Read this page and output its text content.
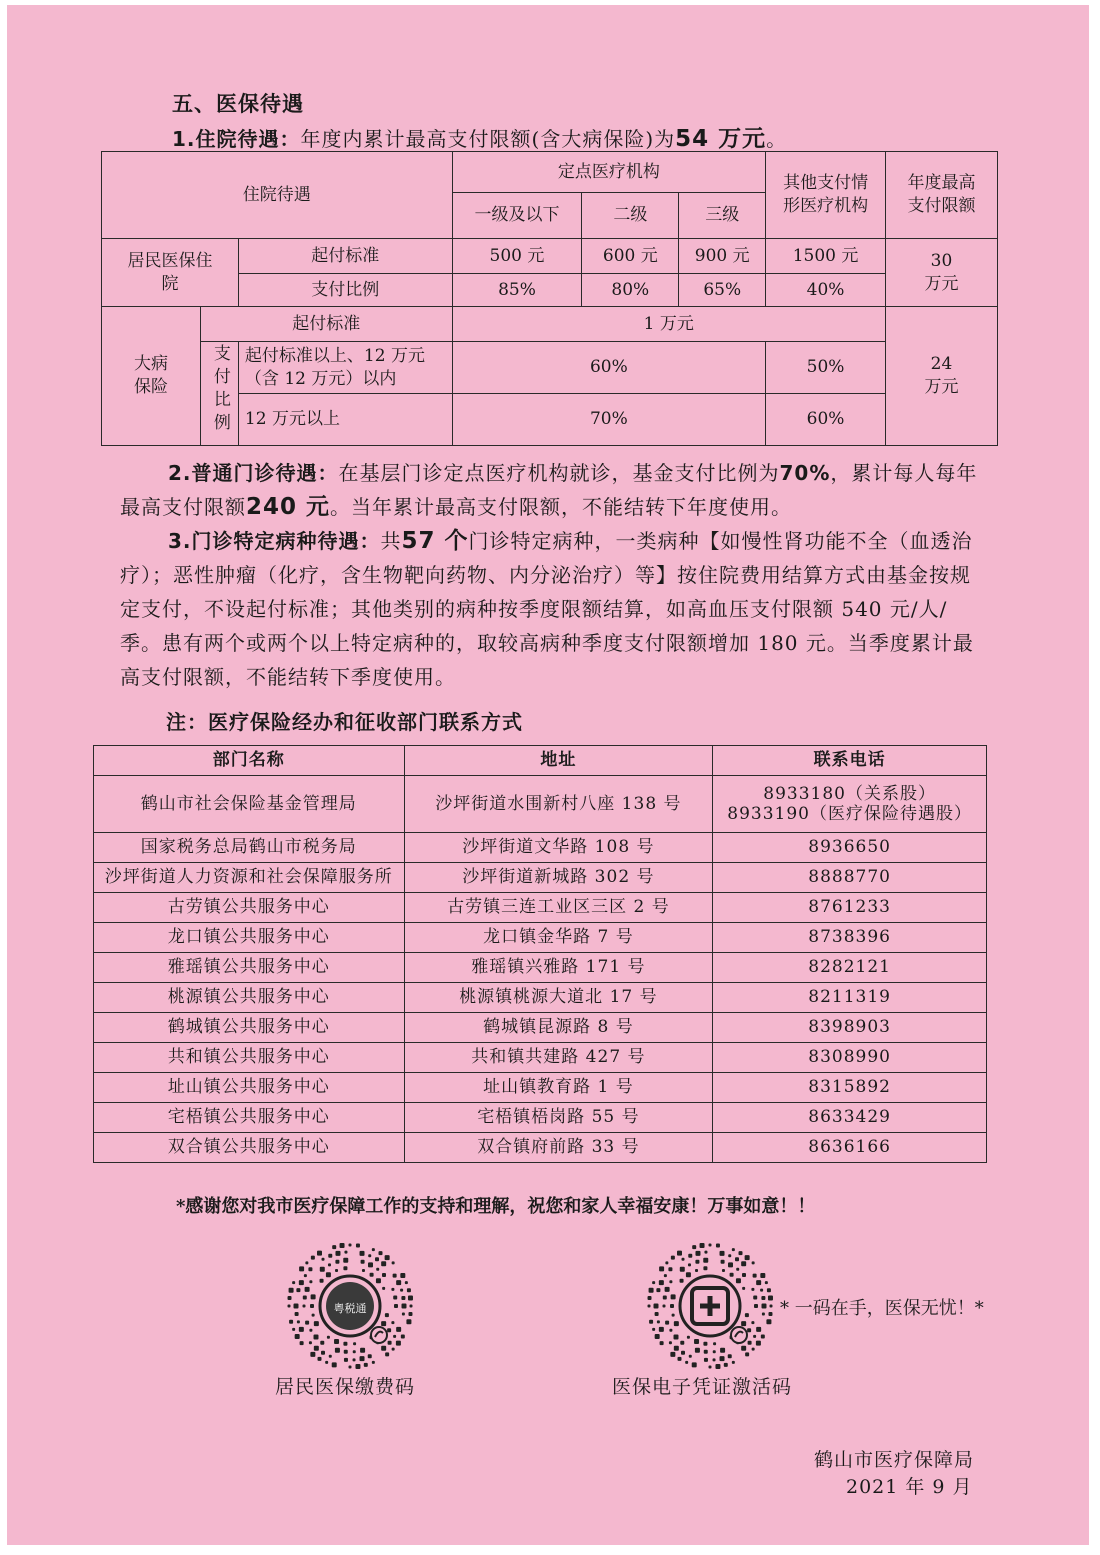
五、医保待遇
1.住院待遇：年度内累计最高支付限额(含大病保险)为54 万元。
住院待遇			定点医疗机构			其他支付情形医疗机构	年度最高支付限额
			一级及以下	二级	三级		
居民医保住院		起付标准	500 元	600 元	900 元	1500 元	30 万元
		支付比例	85%	80%	65%	40%	
大病保险	起付标准		1 万元				24 万元
	支付比例	起付标准以上、12 万元（含 12 万元）以内	60%			50%	
		12 万元以上	70%			60%	
2.普通门诊待遇：在基层门诊定点医疗机构就诊，基金支付比例为70%，累计每人每年最高支付限额240 元。当年累计最高支付限额，不能结转下年度使用。
3.门诊特定病种待遇：共57 个门诊特定病种，一类病种【如慢性肾功能不全（血透治疗）；恶性肿瘤（化疗，含生物靶向药物、内分泌治疗）等】按住院费用结算方式由基金按规定支付，不设起付标准；其他类别的病种按季度限额结算，如高血压支付限额 540 元/人/季。患有两个或两个以上特定病种的，取较高病种季度支付限额增加 180 元。当季度累计最高支付限额，不能结转下季度使用。
注：医疗保险经办和征收部门联系方式
部门名称	地址	联系电话
鹤山市社会保险基金管理局	沙坪街道水围新村八座 138 号	8933180（关系股）
8933190（医疗保险待遇股）

国家税务总局鹤山市税务局	沙坪街道文华路 108 号	8936650
沙坪街道人力资源和社会保障服务所	沙坪街道新城路 302 号	8888770
古劳镇公共服务中心	古劳镇三连工业区三区 2 号	8761233
龙口镇公共服务中心	龙口镇金华路 7 号	8738396
雅瑶镇公共服务中心	雅瑶镇兴雅路 171 号	8282121
桃源镇公共服务中心	桃源镇桃源大道北 17 号	8211319
鹤城镇公共服务中心	鹤城镇昆源路 8 号	8398903
共和镇公共服务中心	共和镇共建路 427 号	8308990
址山镇公共服务中心	址山镇教育路 1 号	8315892
宅梧镇公共服务中心	宅梧镇梧岗路 55 号	8633429
双合镇公共服务中心	双合镇府前路 33 号	8636166
*感谢您对我市医疗保障工作的支持和理解，祝您和家人幸福安康！万事如意！！
粤税通
居民医保缴费码	医保电子凭证激活码
* 一码在手，医保无忧！*
鹤山市医疗保障局
2021 年 9 月
